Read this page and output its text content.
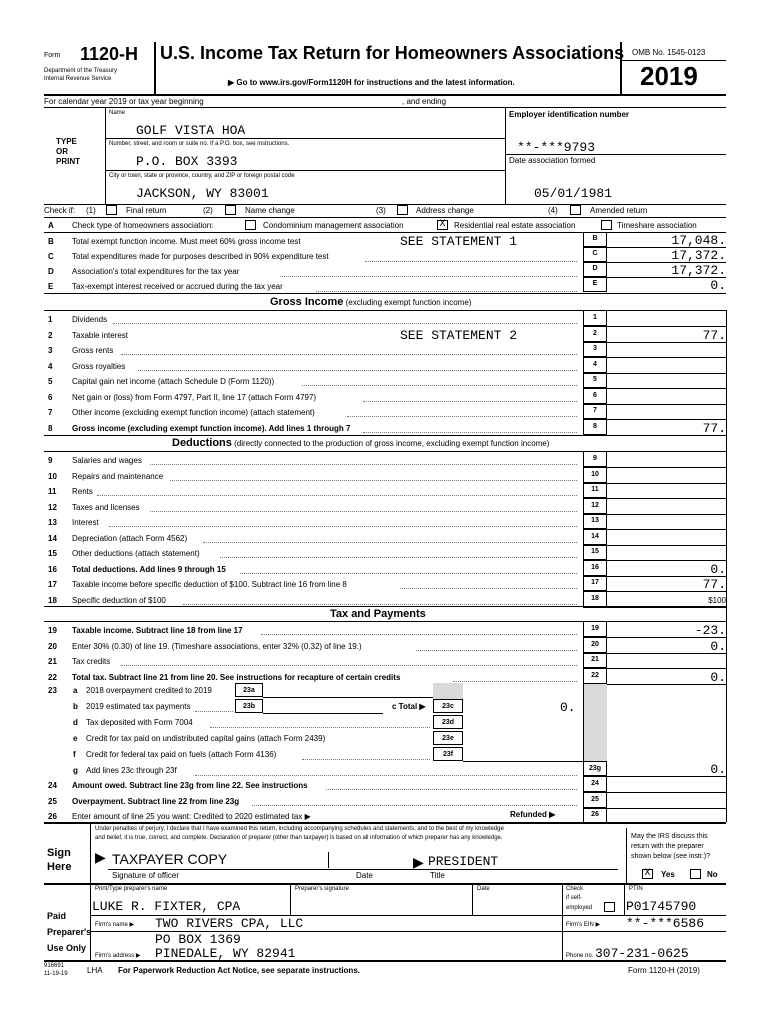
Form 1120-H
Department of the Treasury
Internal Revenue Service
U.S. Income Tax Return for Homeowners Associations
▶ Go to www.irs.gov/Form1120H for instructions and the latest information.
OMB No. 1545-0123
2019
For calendar year 2019 or tax year beginning	, and ending
TYPE
OR
PRINT
Name
GOLF VISTA HOA
Number, street, and room or suite no. If a P.O. box, see instructions.
P.O. BOX 3393
City or town, state or province, country, and ZIP or foreign postal code
JACKSON, WY 83001
Employer identification number
**-***9793
Date association formed
05/01/1981
Check if: (1)	Final return	(2)	Name change	(3)	Address change	(4)	Amended return
A	Check type of homeowners association:	Condominium management association	X	Residential real estate association	Timeshare association
B	Total exempt function income. Must meet 60% gross income test	SEE STATEMENT 1	B	17,048.
C	Total expenditures made for purposes described in 90% expenditure test	C	17,372.
D	Association's total expenditures for the tax year	D	17,372.
E	Tax-exempt interest received or accrued during the tax year	E	0.
Gross Income (excluding exempt function income)
1	Dividends	1
2	Taxable interest	SEE STATEMENT 2	2	77.
3	Gross rents	3
4	Gross royalties	4
5	Capital gain net income (attach Schedule D (Form 1120))	5
6	Net gain or (loss) from Form 4797, Part II, line 17 (attach Form 4797)	6
7	Other income (excluding exempt function income) (attach statement)	7
8	Gross income (excluding exempt function income). Add lines 1 through 7	8	77.
Deductions (directly connected to the production of gross income, excluding exempt function income)
9	Salaries and wages	9
10	Repairs and maintenance	10
11	Rents	11
12	Taxes and licenses	12
13	Interest	13
14	Depreciation (attach Form 4562)	14
15	Other deductions (attach statement)	15
16	Total deductions. Add lines 9 through 15	16	0.
17	Taxable income before specific deduction of $100. Subtract line 16 from line 8	17	77.
18	Specific deduction of $100	18	$100
Tax and Payments
19	Taxable income. Subtract line 18 from line 17	19	-23.
20	Enter 30% (0.30) of line 19. (Timeshare associations, enter 32% (0.32) of line 19.)	20	0.
21	Tax credits	21
22	Total tax. Subtract line 21 from line 20. See instructions for recapture of certain credits	22	0.
23	a 2018 overpayment credited to 2019	23a
b 2019 estimated tax payments	23b	c Total ▶	23c	0.
d Tax deposited with Form 7004	23d
e Credit for tax paid on undistributed capital gains (attach Form 2439)	23e
f Credit for federal tax paid on fuels (attach Form 4136)	23f
g Add lines 23c through 23f	23g	0.
24	Amount owed. Subtract line 23g from line 22. See instructions	24
25	Overpayment. Subtract line 22 from line 23g	25
26	Enter amount of line 25 you want: Credited to 2020 estimated tax ▶	26
Refunded ▶
Sign
Here
Under penalties of perjury, I declare that I have examined this return, including accompanying schedules and statements, and to the best of my knowledge
and belief, it is true, correct, and complete. Declaration of preparer (other than taxpayer) is based on all information of which preparer has any knowledge.
▶ TAXPAYER COPY	▶ PRESIDENT
Signature of officer	Date	Title
May the IRS discuss this
return with the preparer
shown below (see instr.)?
X	Yes	No
Paid
Preparer's
Use Only
Print/Type preparer's name	Preparer's signature	Date	Check
if self-
employed
PTIN
LUKE R. FIXTER, CPA	P01745790
Firm's name ▶ TWO RIVERS CPA, LLC	Firm's EIN ▶ **-***6586
PO BOX 1369
Firm's address ▶ PINEDALE, WY 82941	Phone no. 307-231-0625
916691
11-19-19 LHA For Paperwork Reduction Act Notice, see separate instructions.	Form 1120-H (2019)
